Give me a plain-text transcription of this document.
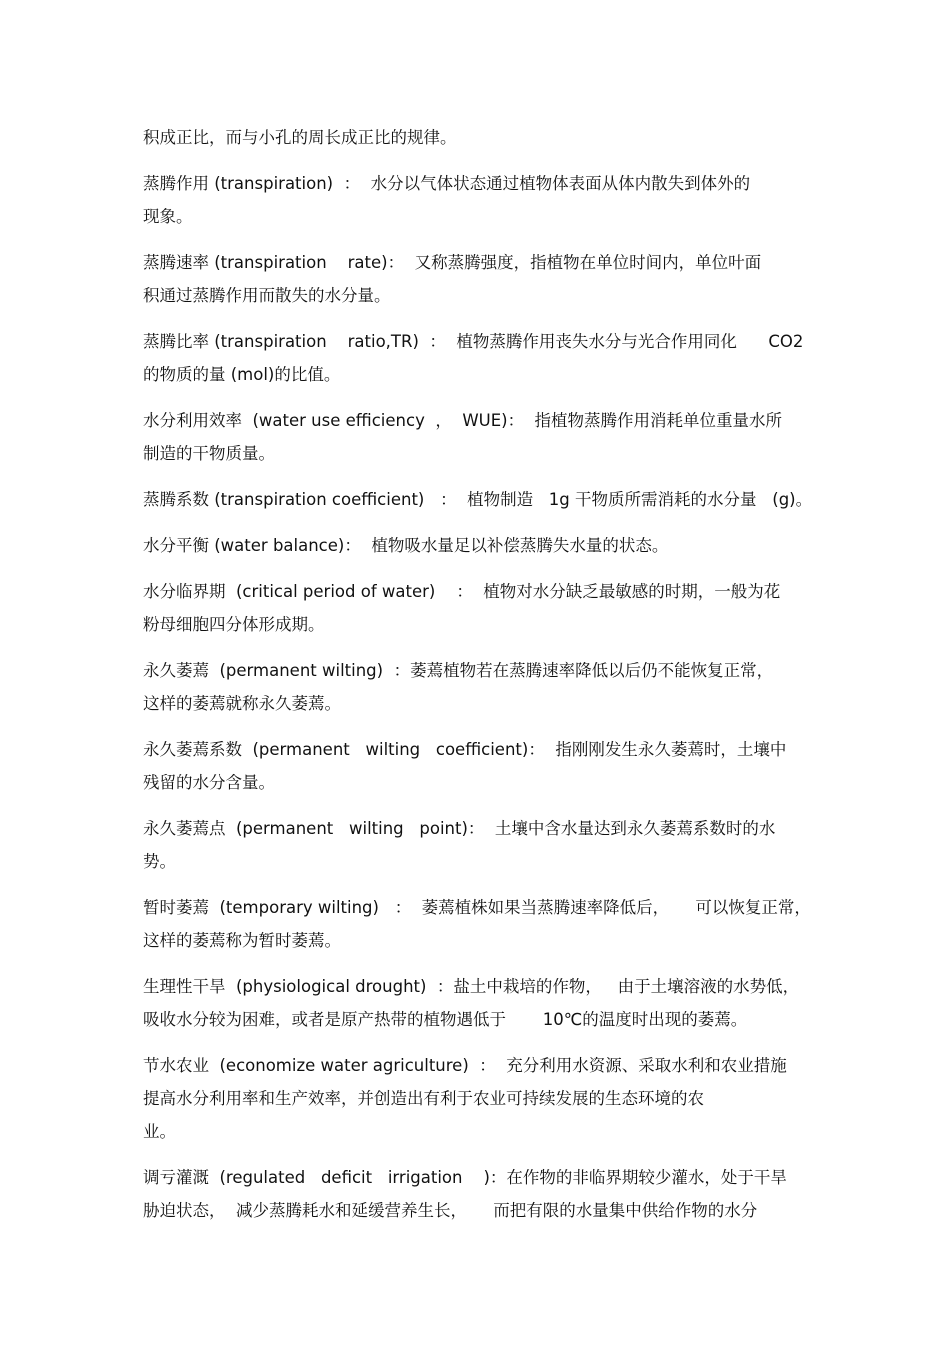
积成正比，而与小孔的周长成正比的规律。

蒸腾作用 (transpiration)  ：  水分以气体状态通过植物体表面从体内散失到体外的
现象。

蒸腾速率 (transpiration    rate)：  又称蒸腾强度，指植物在单位时间内，单位叶面
积通过蒸腾作用而散失的水分量。

蒸腾比率 (transpiration    ratio,TR)  ：  植物蒸腾作用丧失水分与光合作用同化      CO2
的物质的量 (mol)的比值。

水分利用效率  (water use efficiency  ，  WUE)：  指植物蒸腾作用消耗单位重量水所
制造的干物质量。

蒸腾系数 (transpiration coefficient)   ：  植物制造   1g 干物质所需消耗的水分量   (g)。

水分平衡 (water balance)：  植物吸水量足以补偿蒸腾失水量的状态。

水分临界期  (critical period of water)    ：  植物对水分缺乏最敏感的时期，一般为花
粉母细胞四分体形成期。

永久萎蔫  (permanent wilting)  ：萎蔫植物若在蒸腾速率降低以后仍不能恢复正常，
这样的萎蔫就称永久萎蔫。

永久萎蔫系数  (permanent   wilting   coefficient)：  指刚刚发生永久萎蔫时，土壤中
残留的水分含量。

永久萎蔫点  (permanent   wilting   point)：  土壤中含水量达到永久萎蔫系数时的水
势。

暂时萎蔫  (temporary wilting)   ：  萎蔫植株如果当蒸腾速率降低后，     可以恢复正常，
这样的萎蔫称为暂时萎蔫。

生理性干旱  (physiological drought)  ：盐土中栽培的作物，   由于土壤溶液的水势低，
吸收水分较为困难，或者是原产热带的植物遇低于       10℃的温度时出现的萎蔫。

节水农业  (economize water agriculture)  ：  充分利用水资源、采取水利和农业措施
提高水分利用率和生产效率，并创造出有利于农业可持续发展的生态环境的农
业。

调亏灌溉  (regulated   deficit   irrigation    )：在作物的非临界期较少灌水，处于干旱
胁迫状态，  减少蒸腾耗水和延缓营养生长，     而把有限的水量集中供给作物的水分
